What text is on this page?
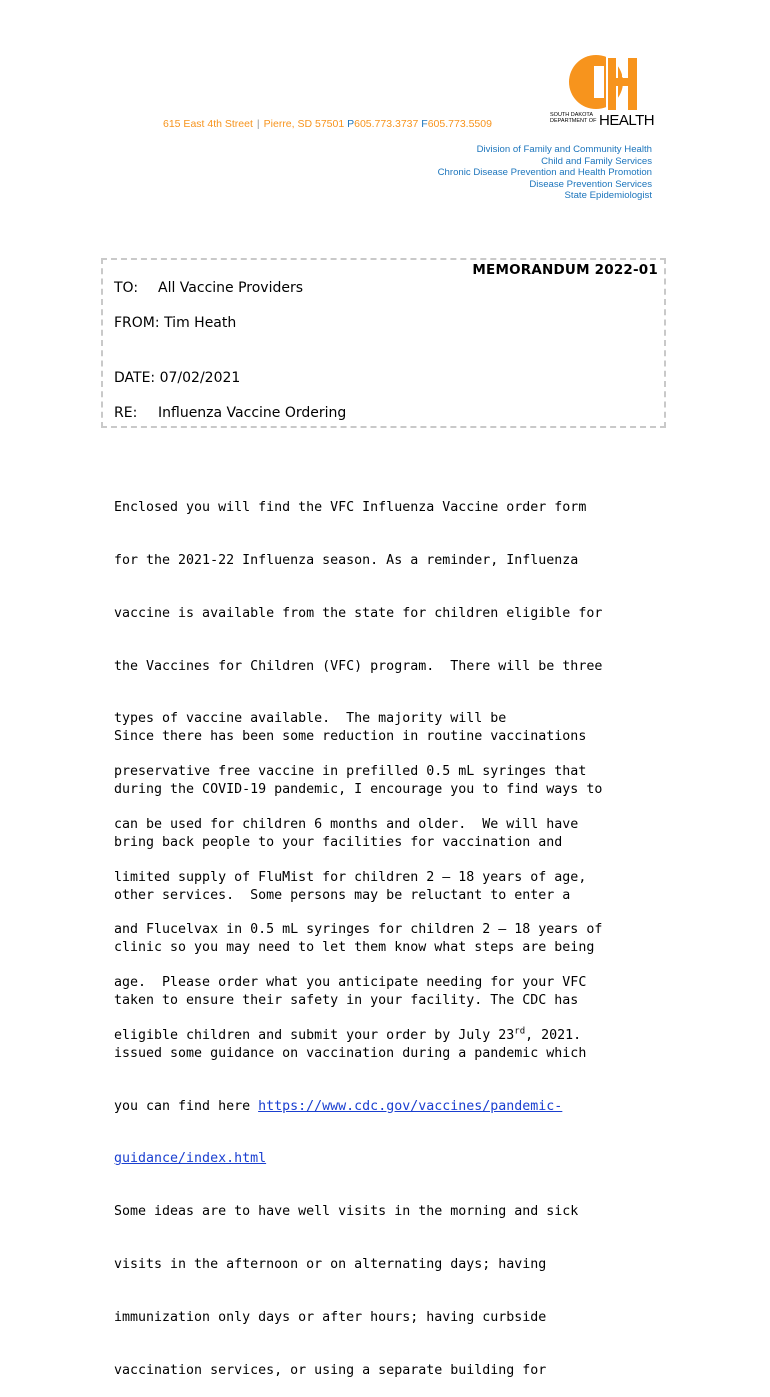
615 East 4th Street | Pierre, SD 57501 P605.773.3737 F605.773.5509
SOUTH DAKOTA
DEPARTMENT OF HEALTH
Division of Family and Community Health
Child and Family Services
Chronic Disease Prevention and Health Promotion
Disease Prevention Services
State Epidemiologist
MEMORANDUM 2022-01
TO: All Vaccine Providers
FROM: Tim Heath
DATE: 07/02/2021
RE: Influenza Vaccine Ordering

Enclosed you will find the VFC Influenza Vaccine order form

for the 2021-22 Influenza season. As a reminder, Influenza

vaccine is available from the state for children eligible for

the Vaccines for Children (VFC) program.  There will be three

types of vaccine available.  The majority will be

preservative free vaccine in prefilled 0.5 mL syringes that

can be used for children 6 months and older.  We will have

limited supply of FluMist for children 2 – 18 years of age,

and Flucelvax in 0.5 mL syringes for children 2 – 18 years of

age.  Please order what you anticipate needing for your VFC

eligible children and submit your order by July 23rd, 2021.

Since there has been some reduction in routine vaccinations

during the COVID-19 pandemic, I encourage you to find ways to

bring back people to your facilities for vaccination and

other services.  Some persons may be reluctant to enter a

clinic so you may need to let them know what steps are being

taken to ensure their safety in your facility. The CDC has

issued some guidance on vaccination during a pandemic which

you can find here https://www.cdc.gov/vaccines/pandemic-

guidance/index.html

Some ideas are to have well visits in the morning and sick

visits in the afternoon or on alternating days; having

immunization only days or after hours; having curbside

vaccination services, or using a separate building for
